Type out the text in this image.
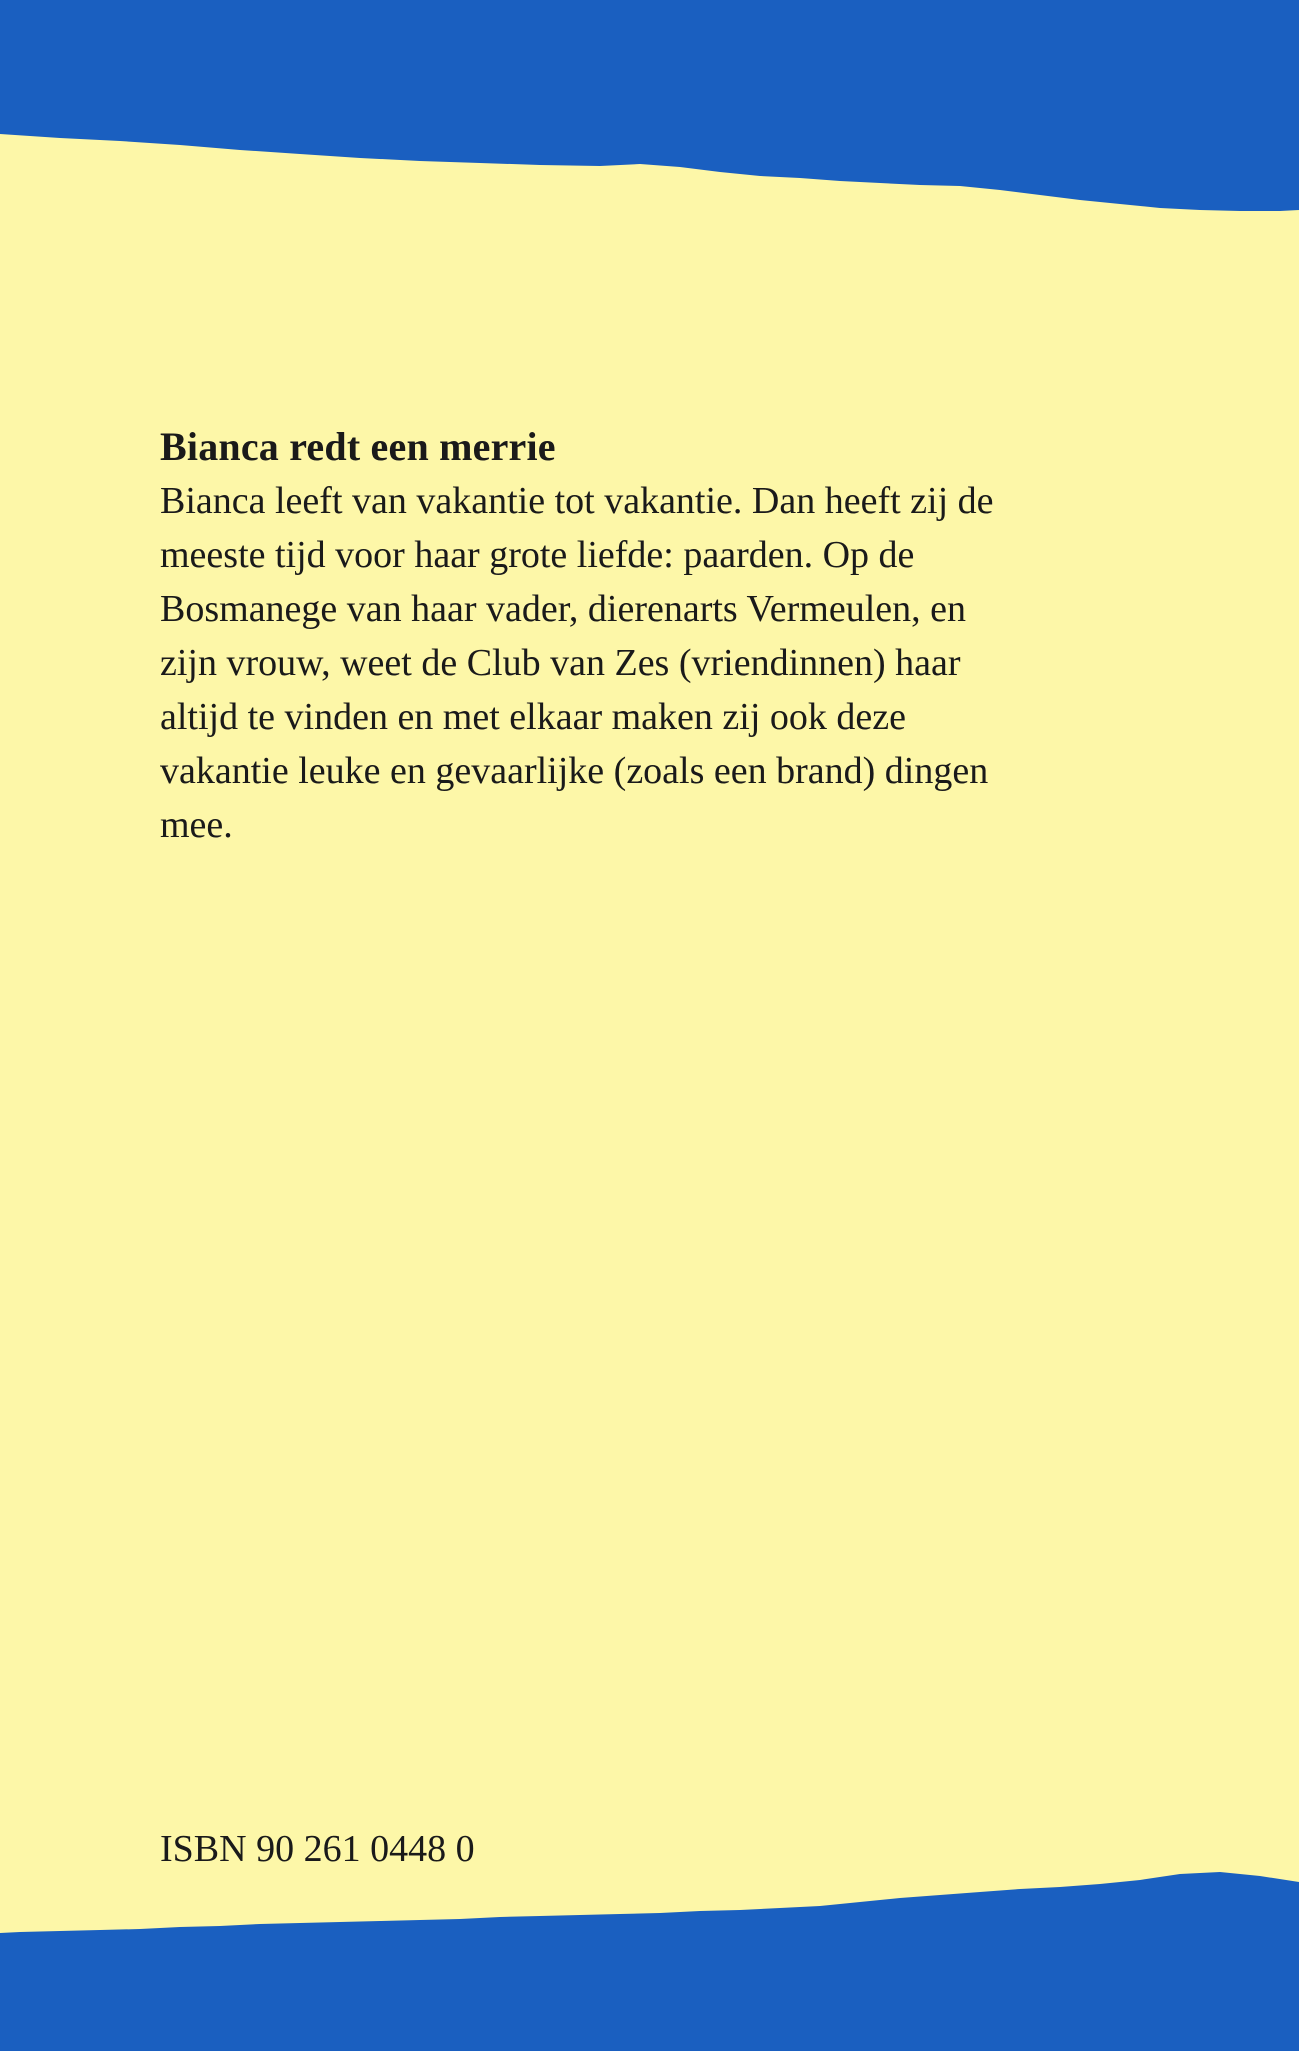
Bianca redt een merrie

Bianca leeft van vakantie tot vakantie. Dan heeft zij de
meeste tijd voor haar grote liefde: paarden. Op de
Bosmanege van haar vader, dierenarts Vermeulen, en
zijn vrouw, weet de Club van Zes (vriendinnen) haar
altijd te vinden en met elkaar maken zij ook deze
vakantie leuke en gevaarlijke (zoals een brand) dingen
mee.

ISBN 90 261 0448 0
